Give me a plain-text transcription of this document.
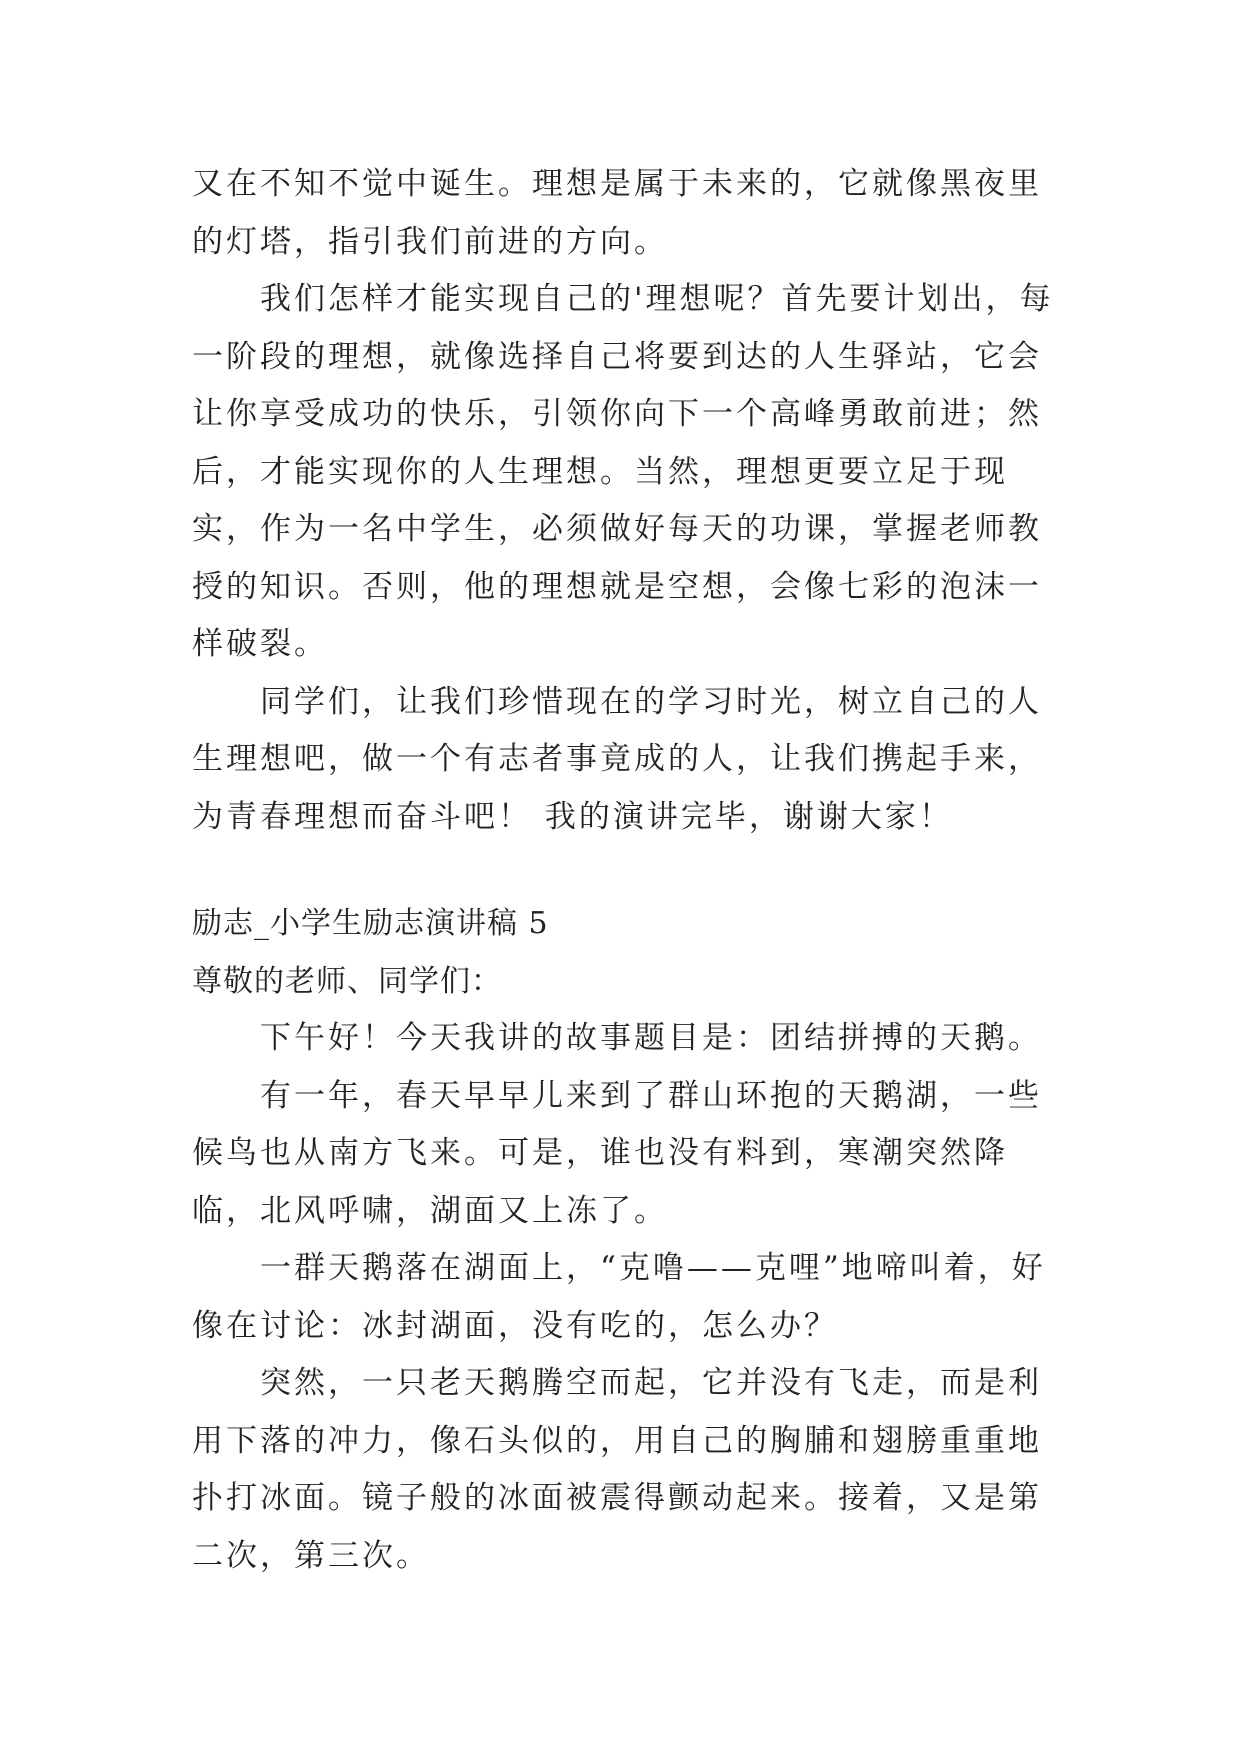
又在不知不觉中诞生。理想是属于未来的，它就像黑夜里的灯塔，指引我们前进的方向。

我们怎样才能实现自己的'理想呢？首先要计划出，每一阶段的理想，就像选择自己将要到达的人生驿站，它会让你享受成功的快乐，引领你向下一个高峰勇敢前进；然后，才能实现你的人生理想。当然，理想更要立足于现实，作为一名中学生，必须做好每天的功课，掌握老师教授的知识。否则，他的理想就是空想，会像七彩的泡沫一样破裂。

同学们，让我们珍惜现在的学习时光，树立自己的人生理想吧，做一个有志者事竟成的人，让我们携起手来，为青春理想而奋斗吧！ 我的演讲完毕，谢谢大家！

励志_小学生励志演讲稿 5

尊敬的老师、同学们：

下午好！今天我讲的故事题目是：团结拼搏的天鹅。

有一年，春天早早儿来到了群山环抱的天鹅湖，一些候鸟也从南方飞来。可是，谁也没有料到，寒潮突然降临，北风呼啸，湖面又上冻了。

一群天鹅落在湖面上，“克噜——克哩”地啼叫着，好像在讨论：冰封湖面，没有吃的，怎么办？

突然，一只老天鹅腾空而起，它并没有飞走，而是利用下落的冲力，像石头似的，用自己的胸脯和翅膀重重地扑打冰面。镜子般的冰面被震得颤动起来。接着，又是第二次，第三次。
